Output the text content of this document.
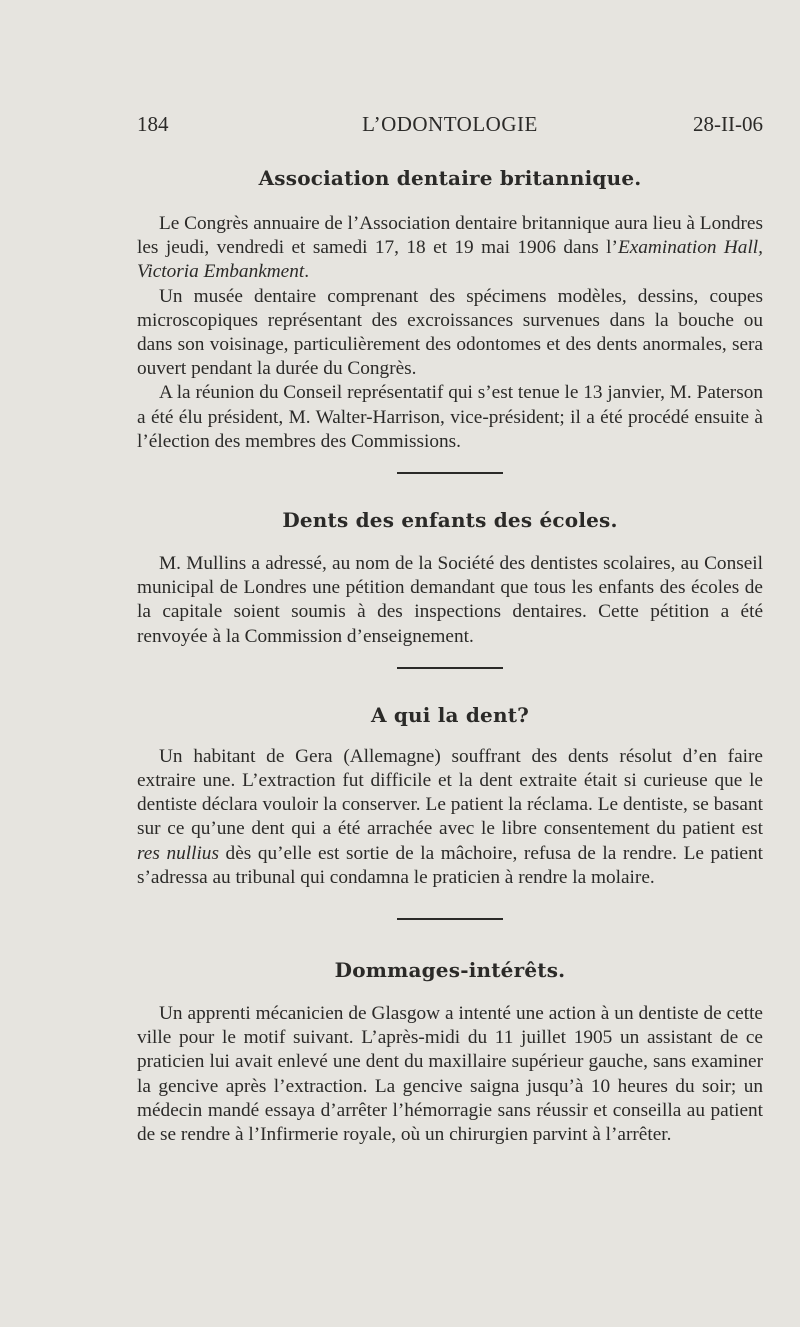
184	L’ODONTOLOGIE	28-II-06
Association dentaire britannique.

Le Congrès annuaire de l’Association dentaire britannique aura lieu à Londres les jeudi, vendredi et samedi 17, 18 et 19 mai 1906 dans l’Examination Hall, Victoria Embankment.

Un musée dentaire comprenant des spécimens modèles, dessins, coupes microscopiques représentant des excroissances survenues dans la bouche ou dans son voisinage, particulièrement des odontomes et des dents anormales, sera ouvert pendant la durée du Congrès.

A la réunion du Conseil représentatif qui s’est tenue le 13 janvier, M. Paterson a été élu président, M. Walter-Harrison, vice-président; il a été procédé ensuite à l’élection des membres des Commissions.

Dents des enfants des écoles.

M. Mullins a adressé, au nom de la Société des dentistes scolaires, au Conseil municipal de Londres une pétition demandant que tous les enfants des écoles de la capitale soient soumis à des inspections dentaires. Cette pétition a été renvoyée à la Commission d’enseignement.

A qui la dent?

Un habitant de Gera (Allemagne) souffrant des dents résolut d’en faire extraire une. L’extraction fut difficile et la dent extraite était si curieuse que le dentiste déclara vouloir la conserver. Le patient la réclama. Le dentiste, se basant sur ce qu’une dent qui a été arrachée avec le libre consentement du patient est res nullius dès qu’elle est sortie de la mâchoire, refusa de la rendre. Le patient s’adressa au tribunal qui condamna le praticien à rendre la molaire.

Dommages-intérêts.

Un apprenti mécanicien de Glasgow a intenté une action à un dentiste de cette ville pour le motif suivant. L’après-midi du 11 juillet 1905 un assistant de ce praticien lui avait enlevé une dent du maxillaire supérieur gauche, sans examiner la gencive après l’extraction. La gencive saigna jusqu’à 10 heures du soir; un médecin mandé essaya d’arrêter l’hémorragie sans réussir et conseilla au patient de se rendre à l’Infirmerie royale, où un chirurgien parvint à l’arrêter.
